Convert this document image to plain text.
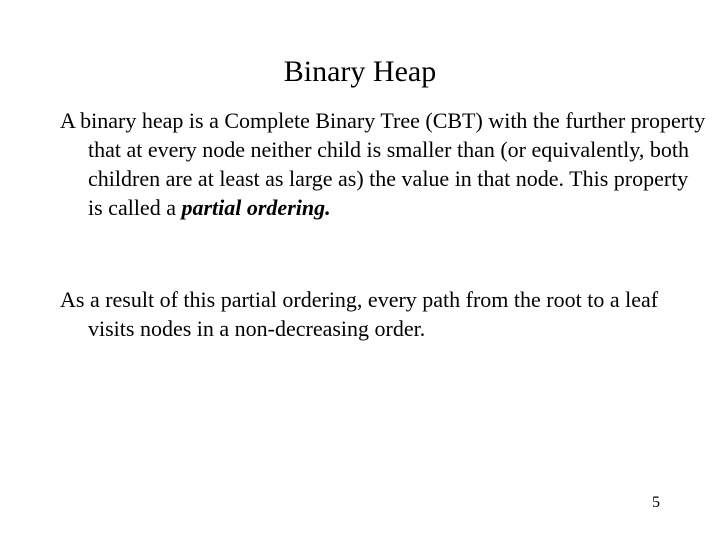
Binary Heap

A binary heap is a Complete Binary Tree (CBT) with the further property that at every node neither child is smaller than (or equivalently, both children are at least as large as) the value in that node. This property is called a partial ordering.

As a result of this partial ordering, every path from the root to a leaf visits nodes in a non-decreasing order.

5
